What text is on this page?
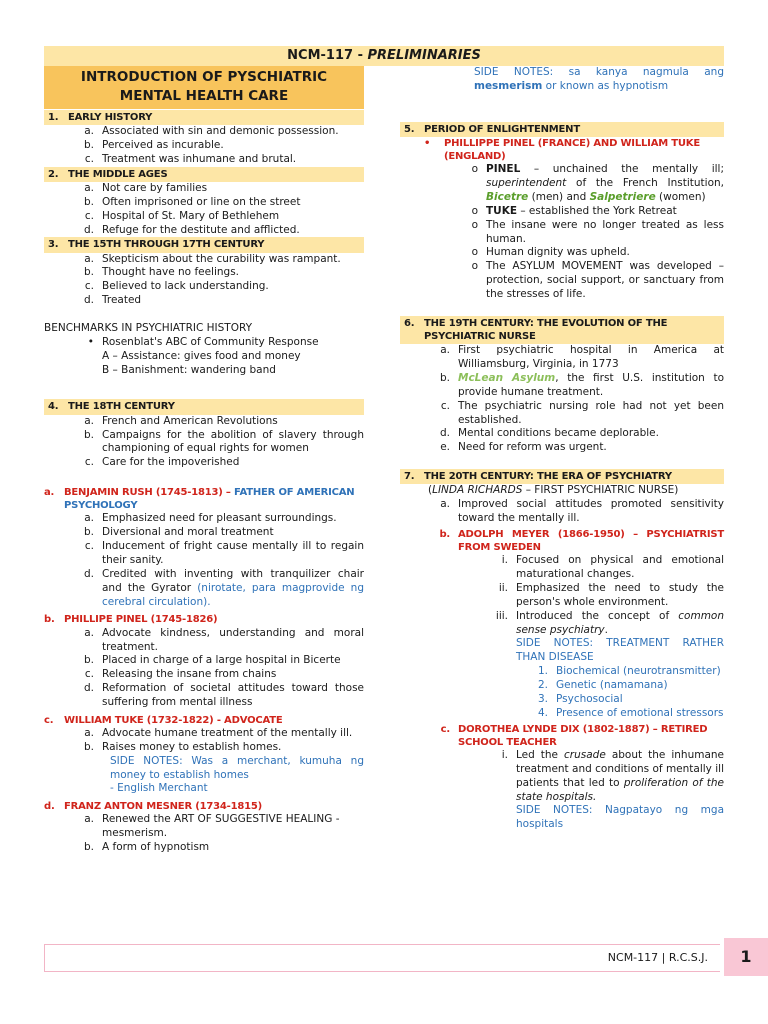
NCM-117 - PRELIMINARIES
INTRODUCTION OF PYSCHIATRIC MENTAL HEALTH CARE
1. EARLY HISTORY
a. Associated with sin and demonic possession.
b. Perceived as incurable.
c. Treatment was inhumane and brutal.
2. THE MIDDLE AGES
a. Not care by families
b. Often imprisoned or line on the street
c. Hospital of St. Mary of Bethlehem
d. Refuge for the destitute and afflicted.
3. THE 15TH THROUGH 17TH CENTURY
a. Skepticism about the curability was rampant.
b. Thought have no feelings.
c. Believed to lack understanding.
d. Treated
BENCHMARKS IN PSYCHIATRIC HISTORY
• Rosenblat's ABC of Community Response
A – Assistance: gives food and money
B – Banishment: wandering band
4. THE 18TH CENTURY
a. French and American Revolutions
b. Campaigns for the abolition of slavery through championing of equal rights for women
c. Care for the impoverished
a. BENJAMIN RUSH (1745-1813) – FATHER OF AMERICAN PSYCHOLOGY
a. Emphasized need for pleasant surroundings.
b. Diversional and moral treatment
c. Inducement of fright cause mentally ill to regain their sanity.
d. Credited with inventing with tranquilizer chair and the Gyrator (nirotate, para magprovide ng cerebral circulation).
b. PHILLIPE PINEL (1745-1826)
a. Advocate kindness, understanding and moral treatment.
b. Placed in charge of a large hospital in Bicerte
c. Releasing the insane from chains
d. Reformation of societal attitudes toward those suffering from mental illness
c.	WILLIAM TUKE (1732-1822) - ADVOCATE
a. Advocate humane treatment of the mentally ill.
b. Raises money to establish homes.
SIDE NOTES: Was a merchant, kumuha ng money to establish homes
- English Merchant
d. FRANZ ANTON MESNER (1734-1815)
a. Renewed the ART OF SUGGESTIVE HEALING - mesmerism.
b. A form of hypnotism
SIDE NOTES: sa kanya nagmula ang mesmerism or known as hypnotism
5. PERIOD OF ENLIGHTENMENT
•	PHILLIPPE PINEL (FRANCE) AND WILLIAM TUKE (ENGLAND)
o PINEL – unchained the mentally ill; superintendent of the French Institution, Bicetre (men) and Salpetriere (women)
o TUKE – established the York Retreat
o The insane were no longer treated as less human.
o Human dignity was upheld.
o The ASYLUM MOVEMENT was developed – protection, social support, or sanctuary from the stresses of life.
6. THE 19TH CENTURY: THE EVOLUTION OF THE PSYCHIATRIC NURSE
a. First psychiatric hospital in America at Williamsburg, Virginia, in 1773
b. McLean Asylum, the first U.S. institution to provide humane treatment.
c. The psychiatric nursing role had not yet been established.
d. Mental conditions became deplorable.
e. Need for reform was urgent.
7. THE 20TH CENTURY: THE ERA OF PSYCHIATRY
(LINDA RICHARDS – FIRST PSYCHIATRIC NURSE)
a. Improved social attitudes promoted sensitivity toward the mentally ill.
b. ADOLPH MEYER (1866-1950) – PSYCHIATRIST FROM SWEDEN
i. Focused on physical and emotional maturational changes.
ii. Emphasized the need to study the person's whole environment.
iii. Introduced the concept of common sense psychiatry.
SIDE NOTES: TREATMENT RATHER THAN DISEASE
1. Biochemical (neurotransmitter)
2. Genetic (namamana)
3. Psychosocial
4. Presence of emotional stressors
c. DOROTHEA LYNDE DIX (1802-1887) – RETIRED SCHOOL TEACHER
i. Led the crusade about the inhumane treatment and conditions of mentally ill patients that led to proliferation of the state hospitals.
SIDE NOTES: Nagpatayo ng mga hospitals
NCM-117 | R.C.S.J.	1
